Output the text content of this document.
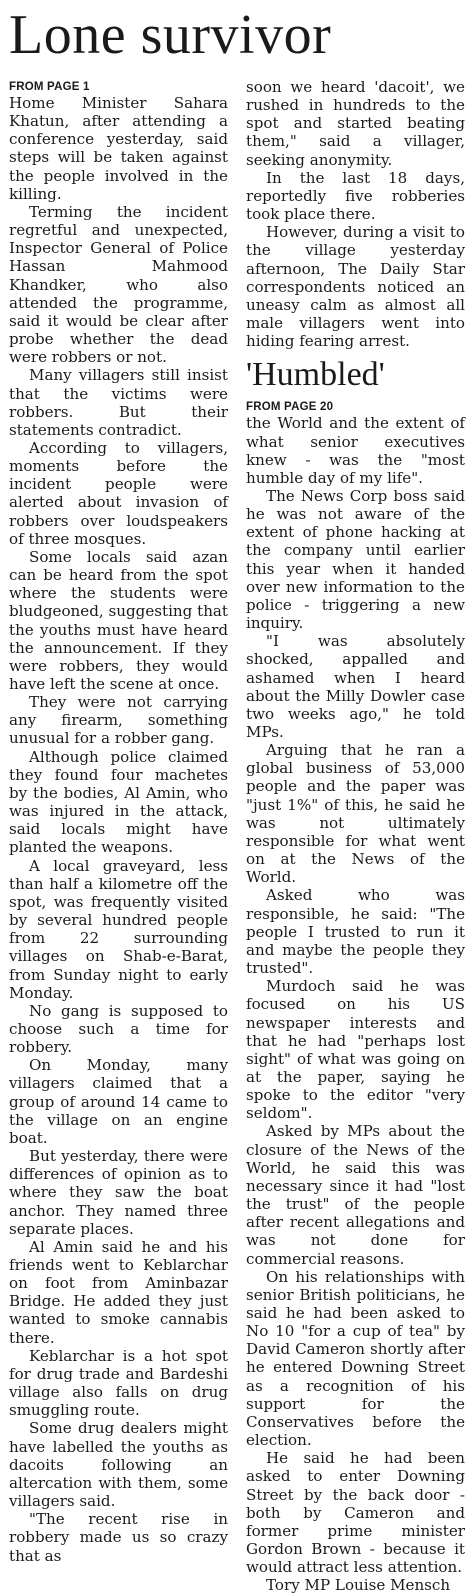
Lone survivor
FROM PAGE 1

Home Minister Sahara Khatun, after attending a conference yesterday, said steps will be taken against the people involved in the killing.

Terming the incident regretful and unexpected, Inspector General of Police Hassan Mahmood Khandker, who also attended the programme, said it would be clear after probe whether the dead were robbers or not.

Many villagers still insist that the victims were robbers. But their statements contradict.

According to villagers, moments before the incident people were alerted about invasion of robbers over loudspeakers of three mosques.

Some locals said azan can be heard from the spot where the students were bludgeoned, suggesting that the youths must have heard the announcement. If they were robbers, they would have left the scene at once.

They were not carrying any firearm, something unusual for a robber gang.

Although police claimed they found four machetes by the bodies, Al Amin, who was injured in the attack, said locals might have planted the weapons.

A local graveyard, less than half a kilometre off the spot, was frequently visited by several hundred people from 22 surrounding villages on Shab-e-Barat, from Sunday night to early Monday.

No gang is supposed to choose such a time for robbery.

On Monday, many villagers claimed that a group of around 14 came to the village on an engine boat.

But yesterday, there were differences of opinion as to where they saw the boat anchor. They named three separate places.

Al Amin said he and his friends went to Keblarchar on foot from Aminbazar Bridge. He added they just wanted to smoke cannabis there.

Keblarchar is a hot spot for drug trade and Bardeshi village also falls on drug smuggling route.

Some drug dealers might have labelled the youths as dacoits following an altercation with them, some villagers said.

"The recent rise in robbery made us so crazy that as

soon we heard 'dacoit', we rushed in hundreds to the spot and started beating them," said a villager, seeking anonymity.

In the last 18 days, reportedly five robberies took place there.

However, during a visit to the village yesterday afternoon, The Daily Star correspondents noticed an uneasy calm as almost all male villagers went into hiding fearing arrest.

'Humbled'
FROM PAGE 20

the World and the extent of what senior executives knew - was the "most humble day of my life".

The News Corp boss said he was not aware of the extent of phone hacking at the company until earlier this year when it handed over new information to the police - triggering a new inquiry.

"I was absolutely shocked, appalled and ashamed when I heard about the Milly Dowler case two weeks ago," he told MPs.

Arguing that he ran a global business of 53,000 people and the paper was "just 1%" of this, he said he was not ultimately responsible for what went on at the News of the World.

Asked who was responsible, he said: "The people I trusted to run it and maybe the people they trusted".

Murdoch said he was focused on his US newspaper interests and that he had "perhaps lost sight" of what was going on at the paper, saying he spoke to the editor "very seldom".

Asked by MPs about the closure of the News of the World, he said this was necessary since it had "lost the trust" of the people after recent allegations and was not done for commercial reasons.

On his relationships with senior British politicians, he said he had been asked to No 10 "for a cup of tea" by David Cameron shortly after he entered Downing Street as a recognition of his support for the Conservatives before the election.

He said he had been asked to enter Downing Street by the back door - both by Cameron and former prime minister Gordon Brown - because it would attract less attention.

Tory MP Louise Mensch
